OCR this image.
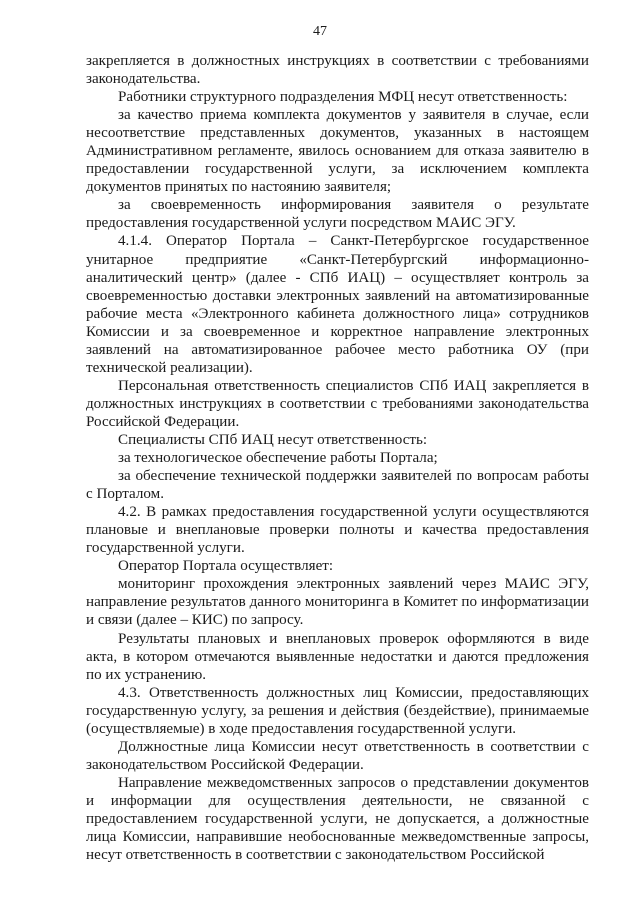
47

закрепляется в должностных инструкциях в соответствии с требованиями законодательства.

Работники структурного подразделения МФЦ несут ответственность:

за качество приема комплекта документов у заявителя в случае, если несоответствие представленных документов, указанных в настоящем Административном регламенте, явилось основанием для отказа заявителю в предоставлении государственной услуги, за исключением комплекта документов принятых по настоянию заявителя;

за своевременность информирования заявителя о результате предоставления государственной услуги посредством МАИС ЭГУ.

4.1.4. Оператор Портала – Санкт-Петербургское государственное унитарное предприятие «Санкт-Петербургский информационно-аналитический центр» (далее - СПб ИАЦ) – осуществляет контроль за своевременностью доставки электронных заявлений на автоматизированные рабочие места «Электронного кабинета должностного лица» сотрудников Комиссии и за своевременное и корректное направление электронных заявлений на автоматизированное рабочее место работника ОУ (при технической реализации).

Персональная ответственность специалистов СПб ИАЦ закрепляется в должностных инструкциях в соответствии с требованиями законодательства Российской Федерации.

Специалисты СПб ИАЦ несут ответственность:

за технологическое обеспечение работы Портала;

за обеспечение технической поддержки заявителей по вопросам работы с Порталом.

4.2. В рамках предоставления государственной услуги осуществляются плановые и внеплановые проверки полноты и качества предоставления государственной услуги.

Оператор Портала осуществляет:

мониторинг прохождения электронных заявлений через МАИС ЭГУ, направление результатов данного мониторинга в Комитет по информатизации и связи (далее – КИС) по запросу.

Результаты плановых и внеплановых проверок оформляются в виде акта, в котором отмечаются выявленные недостатки и даются предложения по их устранению.

4.3. Ответственность должностных лиц Комиссии, предоставляющих государственную услугу, за решения и действия (бездействие), принимаемые (осуществляемые) в ходе предоставления государственной услуги.

Должностные лица Комиссии несут ответственность в соответствии с законодательством Российской Федерации.

Направление межведомственных запросов о представлении документов и информации для осуществления деятельности, не связанной с предоставлением государственной услуги, не допускается, а должностные лица Комиссии, направившие необоснованные межведомственные запросы, несут ответственность в соответствии с законодательством Российской
